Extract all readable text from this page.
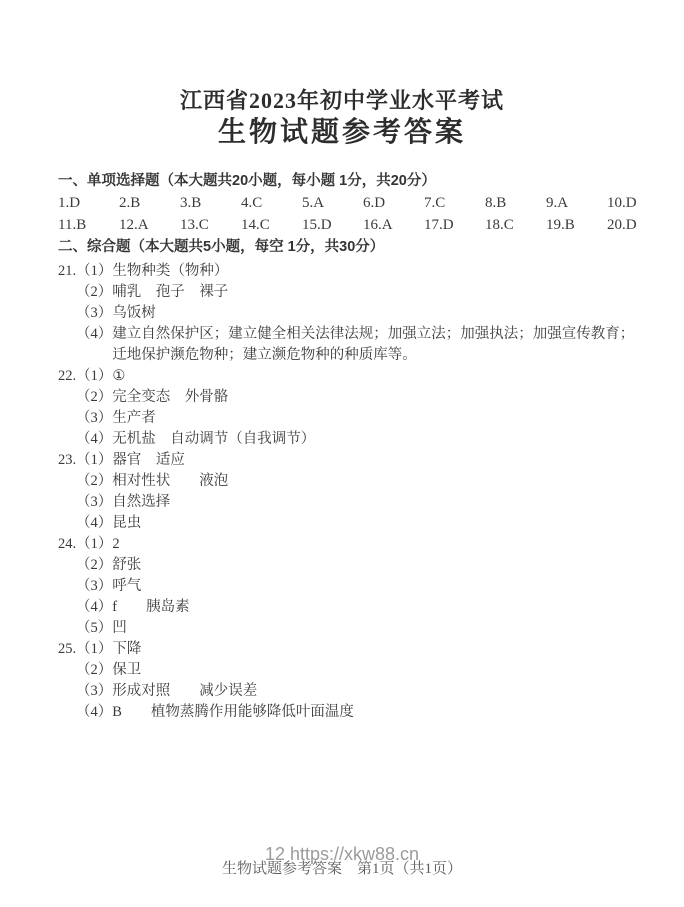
江西省2023年初中学业水平考试
生物试题参考答案
一、单项选择题（本大题共20小题，每小题 1分，共20分）
1.D	2.B	3.B	4.C	5.A	6.D	7.C	8.B	9.A	10.D
11.B	12.A	13.C	14.C	15.D	16.A	17.D	18.C	19.B	20.D
二、综合题（本大题共5小题，每空 1分，共30分）
21. （1） 生物种类（物种）
（2） 哺乳　孢子　裸子
（3） 乌饭树
（4） 建立自然保护区；建立健全相关法律法规；加强立法；加强执法；加强宣传教育；迁地保护濒危物种；建立濒危物种的种质库等。
22. （1） ①
（2） 完全变态　外骨骼
（3） 生产者
（4） 无机盐　自动调节（自我调节）
23. （1） 器官　适应
（2） 相对性状　　液泡
（3） 自然选择
（4） 昆虫
24. （1） 2
（2） 舒张
（3） 呼气
（4） f　　胰岛素
（5） 凹
25. （1） 下降
（2） 保卫
（3） 形成对照　　减少误差
（4） B　　植物蒸腾作用能够降低叶面温度
12 https://xkw88.cn
生物试题参考答案　第1页（共1页）
